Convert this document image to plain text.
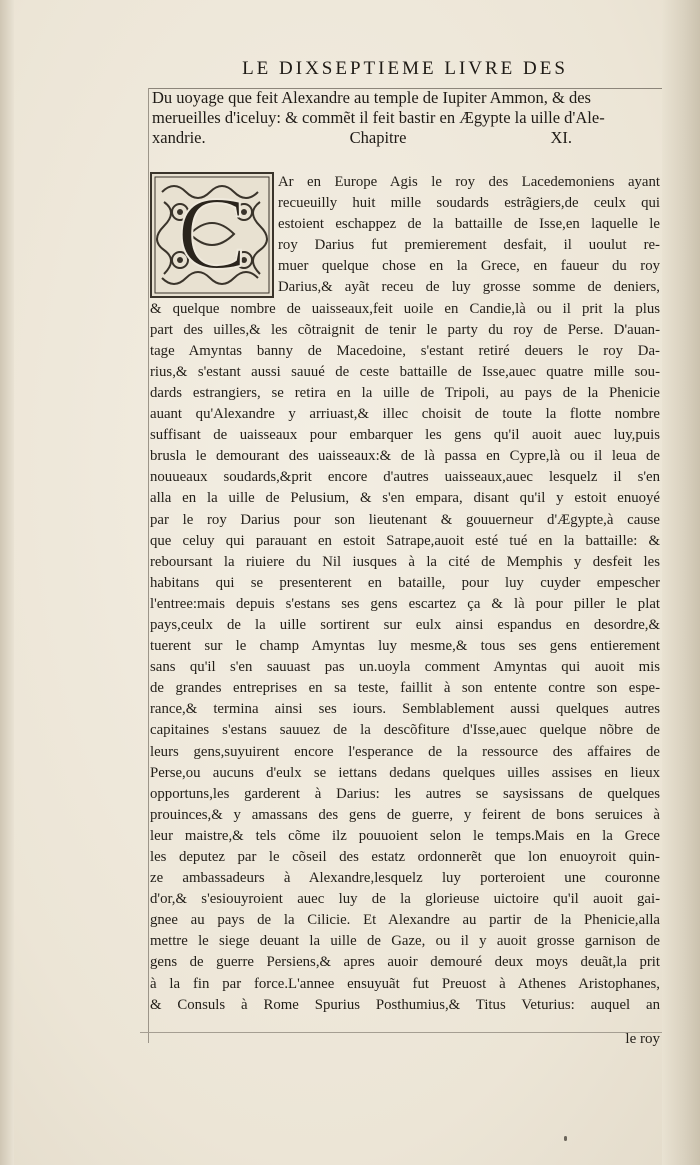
LE DIXSEPTIEME LIVRE DES
Du uoyage que feit Alexandre au temple de Iupiter Ammon, & des
merueilles d'iceluy: & commẽt il feit bastir en Ægypte la uille d'Ale-
xandrie.	Chapitre	XI.
C	Ar en Europe Agis le roy des Lacedemoniens ayant
recueuilly huit mille soudards estrãgiers,de ceulx qui
estoient eschappez de la battaille de Isse,en laquelle le
roy Darius fut premierement desfait, il uoulut re-
muer quelque chose en la Grece, en faueur du roy
Darius,& ayãt receu de luy grosse somme de deniers,
& quelque nombre de uaisseaux,feit uoile en Candie,là ou il prit la plus
part des uilles,& les cõtraignit de tenir le party du roy de Perse. D'auan-
tage Amyntas banny de Macedoine, s'estant retiré deuers le roy Da-
rius,& s'estant aussi sauué de ceste battaille de Isse,auec quatre mille sou-
dards estrangiers, se retira en la uille de Tripoli, au pays de la Phenicie
auant qu'Alexandre y arriuast,& illec choisit de toute la flotte nombre
suffisant de uaisseaux pour embarquer les gens qu'il auoit auec luy,puis
brusla le demourant des uaisseaux:& de là passa en Cypre,là ou il leua de
nouueaux soudards,&prit encore d'autres uaisseaux,auec lesquelz il s'en
alla en la uille de Pelusium, & s'en empara, disant qu'il y estoit enuoyé
par le roy Darius pour son lieutenant & gouuerneur d'Ægypte,à cause
que celuy qui parauant en estoit Satrape,auoit esté tué en la battaille: &
reboursant la riuiere du Nil iusques à la cité de Memphis y desfeit les
habitans qui se presenterent en bataille, pour luy cuyder empescher
l'entree:mais depuis s'estans ses gens escartez ça & là pour piller le plat
pays,ceulx de la uille sortirent sur eulx ainsi espandus en desordre,&
tuerent sur le champ Amyntas luy mesme,& tous ses gens entierement
sans qu'il s'en sauuast pas un.uoyla comment Amyntas qui auoit mis
de grandes entreprises en sa teste, faillit à son entente contre son espe-
rance,& termina ainsi ses iours. Semblablement aussi quelques autres
capitaines s'estans sauuez de la descõfiture d'Isse,auec quelque nõbre de
leurs gens,suyuirent encore l'esperance de la ressource des affaires de
Perse,ou aucuns d'eulx se iettans dedans quelques uilles assises en lieux
opportuns,les garderent à Darius: les autres se saysissans de quelques
prouinces,& y amassans des gens de guerre, y feirent de bons seruices à
leur maistre,& tels cõme ilz pouuoient selon le temps.Mais en la Grece
les deputez par le cõseil des estatz ordonnerẽt que lon enuoyroit quin-
ze ambassadeurs à Alexandre,lesquelz luy porteroient une couronne
d'or,& s'esiouyroient auec luy de la glorieuse uictoire qu'il auoit gai-
gnee au pays de la Cilicie. Et Alexandre au partir de la Phenicie,alla
mettre le siege deuant la uille de Gaze, ou il y auoit grosse garnison de
gens de guerre Persiens,& apres auoir demouré deux moys deuãt,la prit
à la fin par force.L'annee ensuyuãt fut Preuost à Athenes Aristophanes,
& Consuls à Rome Spurius Posthumius,& Titus Veturius: auquel an
le roy
